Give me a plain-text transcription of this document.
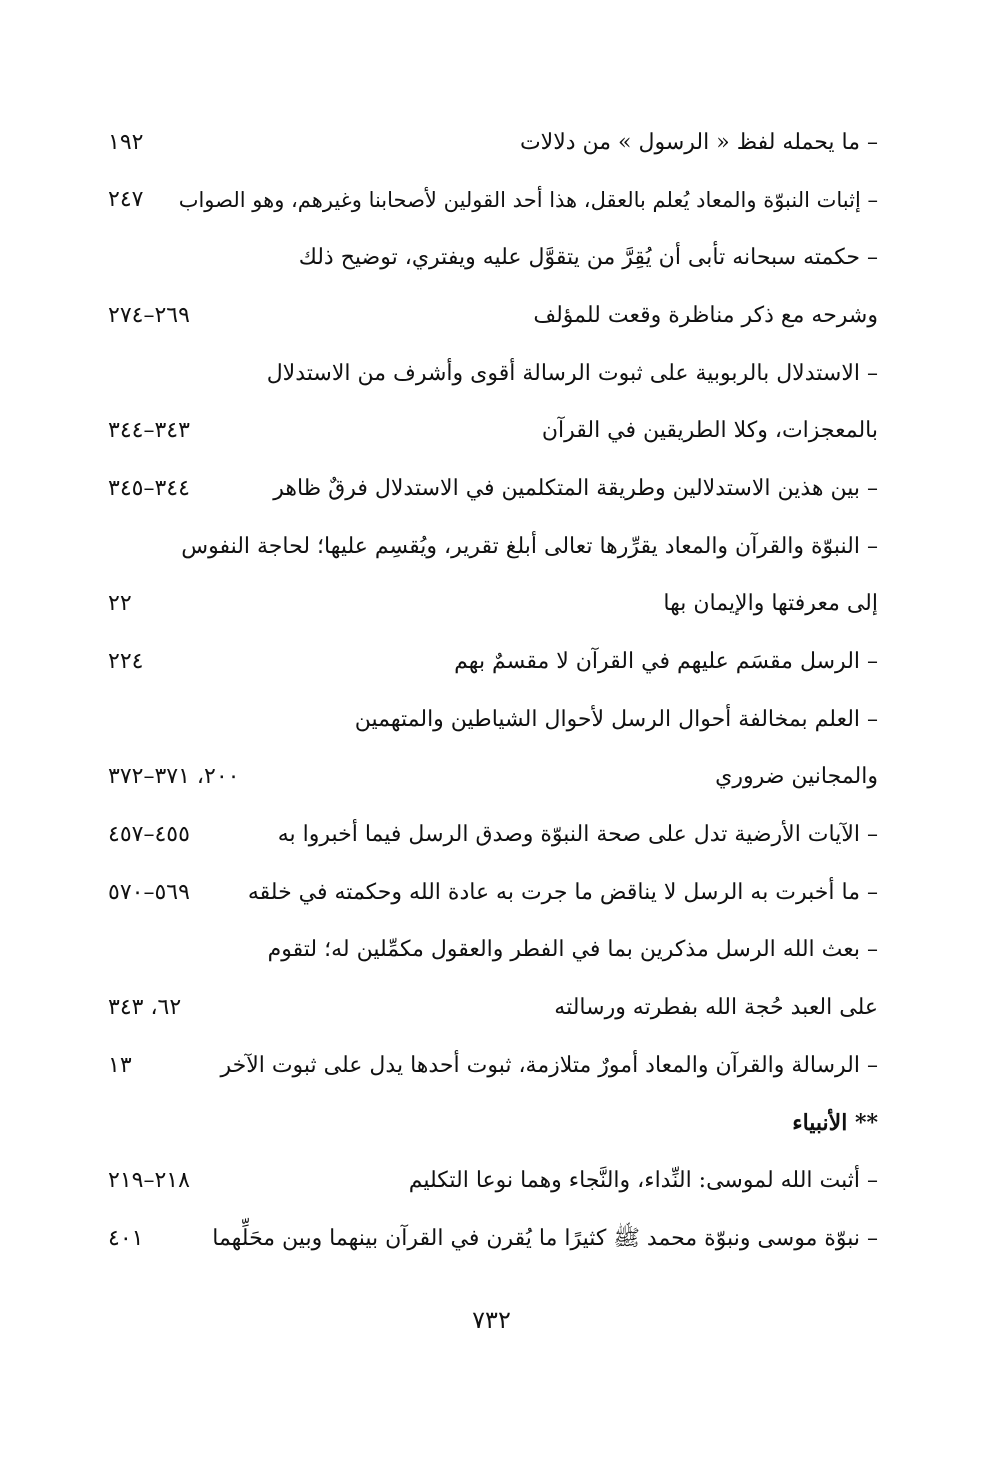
– ما يحمله لفظ « الرسول » من دلالات
١٩٢
– إثبات النبوّة والمعاد يُعلم بالعقل، هذا أحد القولين لأصحابنا وغيرهم، وهو الصواب
٢٤٧
– حكمته سبحانه تأبى أن يُقِرَّ من يتقوَّل عليه ويفتري، توضيح ذلك
وشرحه مع ذكر مناظرة وقعت للمؤلف
٢٦٩–٢٧٤
– الاستدلال بالربوبية على ثبوت الرسالة أقوى وأشرف من الاستدلال
بالمعجزات، وكلا الطريقين في القرآن
٣٤٣–٣٤٤
– بين هذين الاستدلالين وطريقة المتكلمين في الاستدلال فرقٌ ظاهر
٣٤٤–٣٤٥
– النبوّة والقرآن والمعاد يقرِّرها تعالى أبلغ تقرير، ويُقسِم عليها؛ لحاجة النفوس
إلى معرفتها والإيمان بها
٢٢
– الرسل مقسَم عليهم في القرآن لا مقسمٌ بهم
٢٢٤
– العلم بمخالفة أحوال الرسل لأحوال الشياطين والمتهمين
والمجانين ضروري
٢٠٠، ٣٧١–٣٧٢
– الآيات الأرضية تدل على صحة النبوّة وصدق الرسل فيما أخبروا به
٤٥٥–٤٥٧
– ما أخبرت به الرسل لا يناقض ما جرت به عادة الله وحكمته في خلقه
٥٦٩–٥٧٠
– بعث الله الرسل مذكرين بما في الفطر والعقول مكمِّلين له؛ لتقوم
على العبد حُجة الله بفطرته ورسالته
٦٢، ٣٤٣
– الرسالة والقرآن والمعاد أمورٌ متلازمة، ثبوت أحدها يدل على ثبوت الآخر
١٣
** الأنبياء
– أثبت الله لموسى: النِّداء، والنَّجاء وهما نوعا التكليم
٢١٨–٢١٩
– نبوّة موسى ونبوّة محمد ﷺ كثيرًا ما يُقرن في القرآن بينهما وبين محَلِّهما
٤٠١
٧٣٢
